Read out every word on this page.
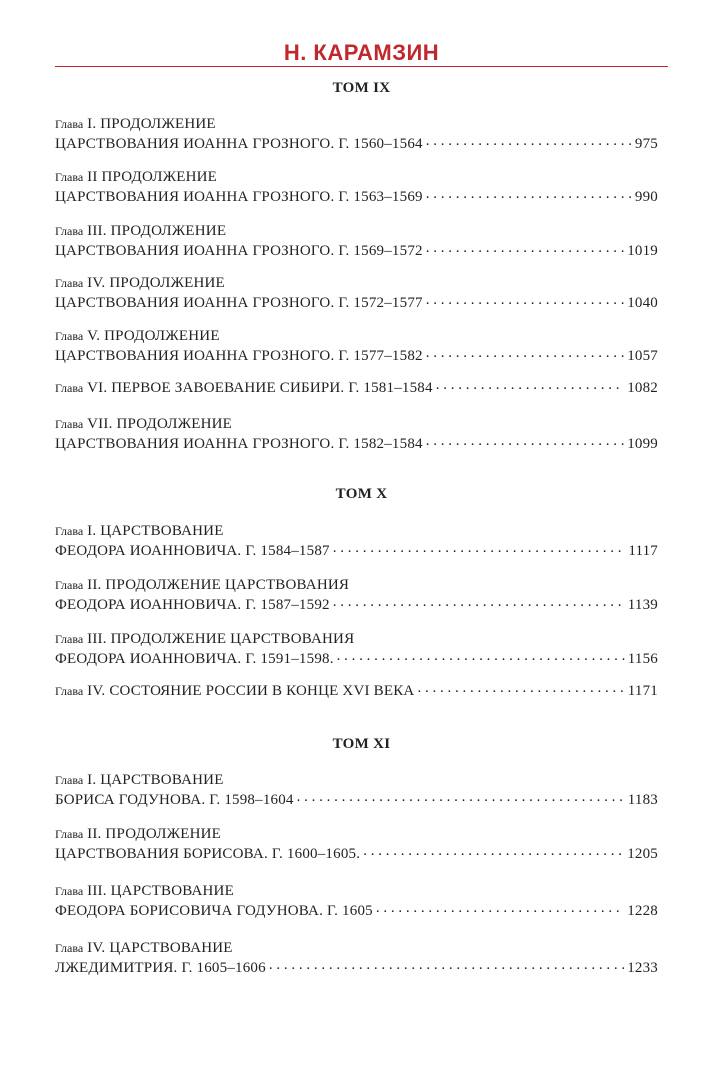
Н. КАРАМЗИН
ТОМ IX
Глава I. ПРОДОЛЖЕНИЕ
ЦАРСТВОВАНИЯ ИОАННА ГРОЗНОГО. Г. 1560–1564 . . .	975
Глава II ПРОДОЛЖЕНИЕ
ЦАРСТВОВАНИЯ ИОАННА ГРОЗНОГО. Г. 1563–1569 . . .	990
Глава III. ПРОДОЛЖЕНИЕ
ЦАРСТВОВАНИЯ ИОАННА ГРОЗНОГО. Г. 1569–1572 . . .	1019
Глава IV. ПРОДОЛЖЕНИЕ
ЦАРСТВОВАНИЯ ИОАННА ГРОЗНОГО. Г. 1572–1577 . . .	1040
Глава V. ПРОДОЛЖЕНИЕ
ЦАРСТВОВАНИЯ ИОАННА ГРОЗНОГО. Г. 1577–1582 . . .	1057
Глава VI. ПЕРВОЕ ЗАВОЕВАНИЕ СИБИРИ. Г. 1581–1584 . . .	1082
Глава VII. ПРОДОЛЖЕНИЕ
ЦАРСТВОВАНИЯ ИОАННА ГРОЗНОГО. Г. 1582–1584 . . .	1099
ТОМ X
Глава I. ЦАРСТВОВАНИЕ
ФЕОДОРА ИОАННОВИЧА. Г. 1584–1587 . . .	1117
Глава II. ПРОДОЛЖЕНИЕ ЦАРСТВОВАНИЯ
ФЕОДОРА ИОАННОВИЧА. Г. 1587–1592 . . .	1139
Глава III. ПРОДОЛЖЕНИЕ ЦАРСТВОВАНИЯ
ФЕОДОРА ИОАННОВИЧА. Г. 1591–1598. . . .	1156
Глава IV. СОСТОЯНИЕ РОССИИ В КОНЦЕ XVI ВЕКА . . .	1171
ТОМ XI
Глава I. ЦАРСТВОВАНИЕ
БОРИСА ГОДУНОВА. Г. 1598–1604 . . .	1183
Глава II. ПРОДОЛЖЕНИЕ
ЦАРСТВОВАНИЯ БОРИСОВА. Г. 1600–1605. . . .	1205
Глава III. ЦАРСТВОВАНИЕ
ФЕОДОРА БОРИСОВИЧА ГОДУНОВА. Г. 1605 . . .	1228
Глава IV. ЦАРСТВОВАНИЕ
ЛЖЕДИМИТРИЯ. Г. 1605–1606 . . .	1233
